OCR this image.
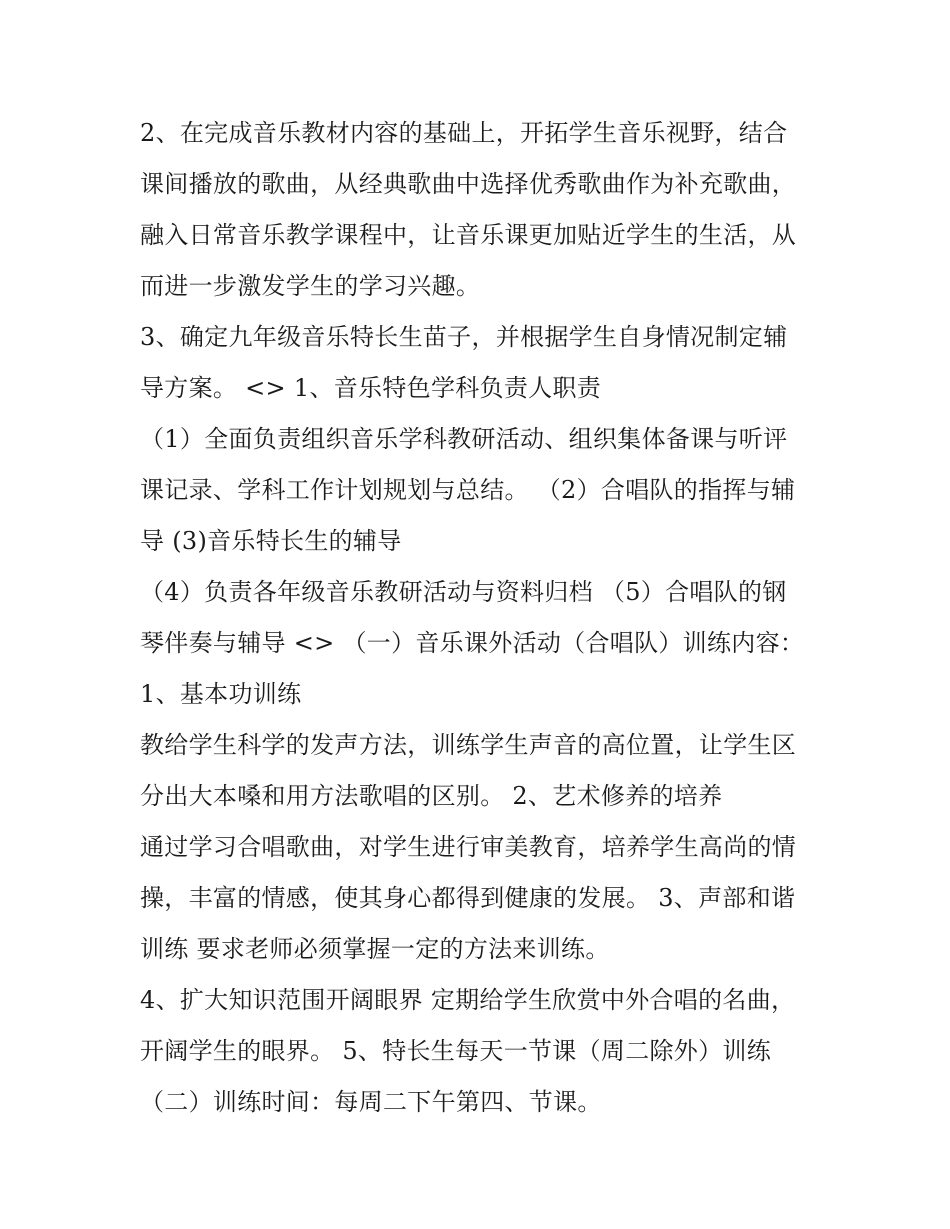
2、在完成音乐教材内容的基础上，开拓学生音乐视野，结合
课间播放的歌曲，从经典歌曲中选择优秀歌曲作为补充歌曲，
融入日常音乐教学课程中，让音乐课更加贴近学生的生活，从
而进一步激发学生的学习兴趣。
3、确定九年级音乐特长生苗子，并根据学生自身情况制定辅
导方案。 <> 1、音乐特色学科负责人职责
（1）全面负责组织音乐学科教研活动、组织集体备课与听评
课记录、学科工作计划规划与总结。 （2）合唱队的指挥与辅
导 (3)音乐特长生的辅导
（4）负责各年级音乐教研活动与资料归档 （5）合唱队的钢
琴伴奏与辅导 <> （一）音乐课外活动（合唱队）训练内容：
1、基本功训练
教给学生科学的发声方法，训练学生声音的高位置，让学生区
分出大本嗓和用方法歌唱的区别。 2、艺术修养的培养
通过学习合唱歌曲，对学生进行审美教育，培养学生高尚的情
操，丰富的情感，使其身心都得到健康的发展。 3、声部和谐
训练 要求老师必须掌握一定的方法来训练。
4、扩大知识范围开阔眼界 定期给学生欣赏中外合唱的名曲，
开阔学生的眼界。 5、特长生每天一节课（周二除外）训练
（二）训练时间：每周二下午第四、节课。
